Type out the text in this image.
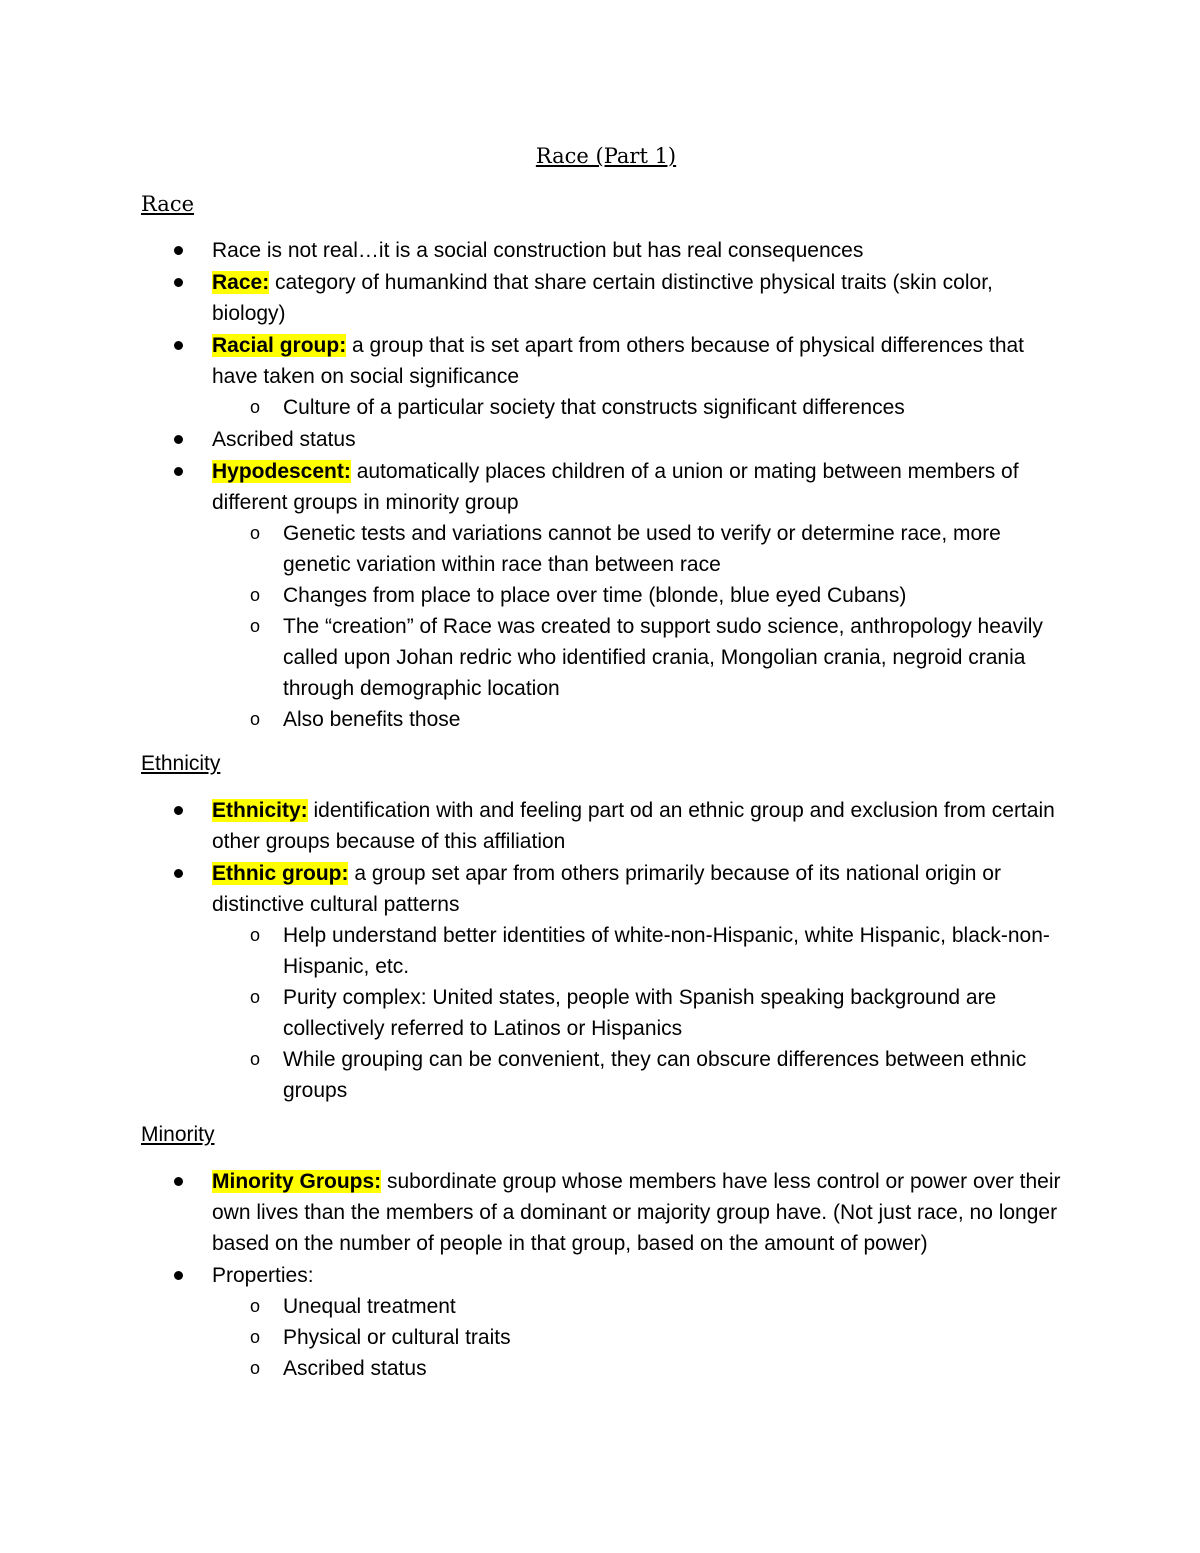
Race (Part 1)
Race
Race is not real…it is a social construction but has real consequences
Race: category of humankind that share certain distinctive physical traits (skin color, biology)
Racial group: a group that is set apart from others because of physical differences that have taken on social significance
o Culture of a particular society that constructs significant differences
Ascribed status
Hypodescent: automatically places children of a union or mating between members of different groups in minority group
o Genetic tests and variations cannot be used to verify or determine race, more genetic variation within race than between race
o Changes from place to place over time (blonde, blue eyed Cubans)
o The “creation” of Race was created to support sudo science, anthropology heavily called upon Johan redric who identified crania, Mongolian crania, negroid crania through demographic location
o Also benefits those
Ethnicity
Ethnicity: identification with and feeling part od an ethnic group and exclusion from certain other groups because of this affiliation
Ethnic group: a group set apar from others primarily because of its national origin or distinctive cultural patterns
o Help understand better identities of white-non-Hispanic, white Hispanic, black-non-Hispanic, etc.
o Purity complex: United states, people with Spanish speaking background are collectively referred to Latinos or Hispanics
o While grouping can be convenient, they can obscure differences between ethnic groups
Minority
Minority Groups: subordinate group whose members have less control or power over their own lives than the members of a dominant or majority group have. (Not just race, no longer based on the number of people in that group, based on the amount of power)
Properties:
o Unequal treatment
o Physical or cultural traits
o Ascribed status
